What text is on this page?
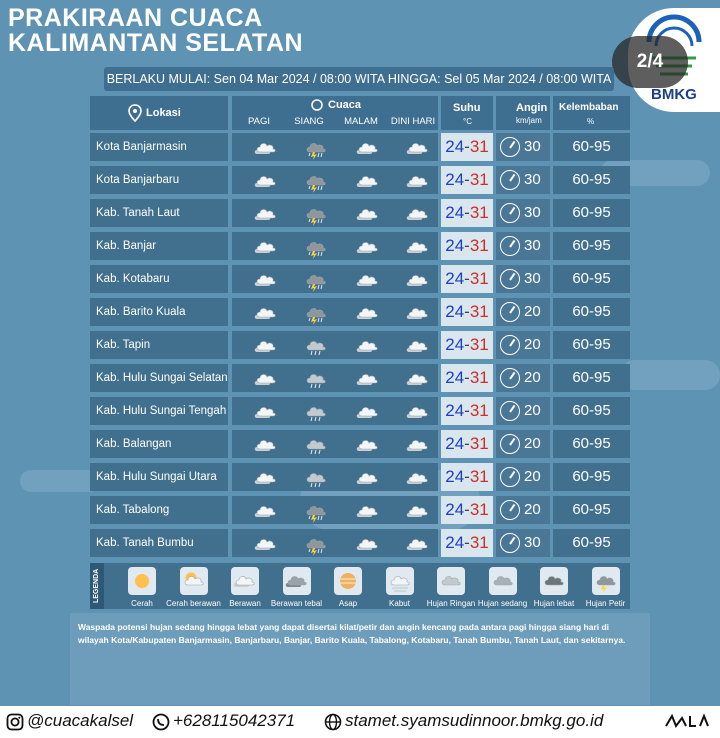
PRAKIRAAN CUACA
KALIMANTAN SELATAN
2/4
BMKG
BERLAKU MULAI: Sen 04 Mar 2024 / 08:00 WITA HINGGA: Sel 05 Mar 2024 / 08:00 WITA
Lokasi
Cuaca
PAGI	SIANG	MALAM	DINI HARI
Suhu
°C
Angin
km/jam
Kelembaban
%
Kota Banjarmasin	24-31 30	60-95
Kota Banjarbaru	24-31 30	60-95
Kab. Tanah Laut	24-31 30	60-95
Kab. Banjar	24-31 30	60-95
Kab. Kotabaru	24-31 30	60-95
Kab. Barito Kuala	24-31 20	60-95
Kab. Tapin	24-31 20	60-95
Kab. Hulu Sungai Selatan	24-31 20	60-95
Kab. Hulu Sungai Tengah	24-31 20	60-95
Kab. Balangan	24-31 20	60-95
Kab. Hulu Sungai Utara	24-31 20	60-95
Kab. Tabalong	24-31 20	60-95
Kab. Tanah Bumbu	24-31 30	60-95
LEGENDA
Cerah	Cerah berawan	Berawan	Berawan tebal	Asap	Kabut	Hujan Ringan Hujan sedang Hujan lebat	Hujan Petir
Waspada potensi hujan sedang hingga lebat yang dapat disertai kilat/petir dan angin kencang pada antara pagi hingga siang hari di wilayah Kota/Kabupaten Banjarmasin, Banjarbaru, Banjar, Barito Kuala, Tabalong, Kotabaru, Tanah Bumbu, Tanah Laut, dan sekitarnya.
@cuacakalsel	+628115042371	stamet.syamsudinnoor.bmkg.go.id
